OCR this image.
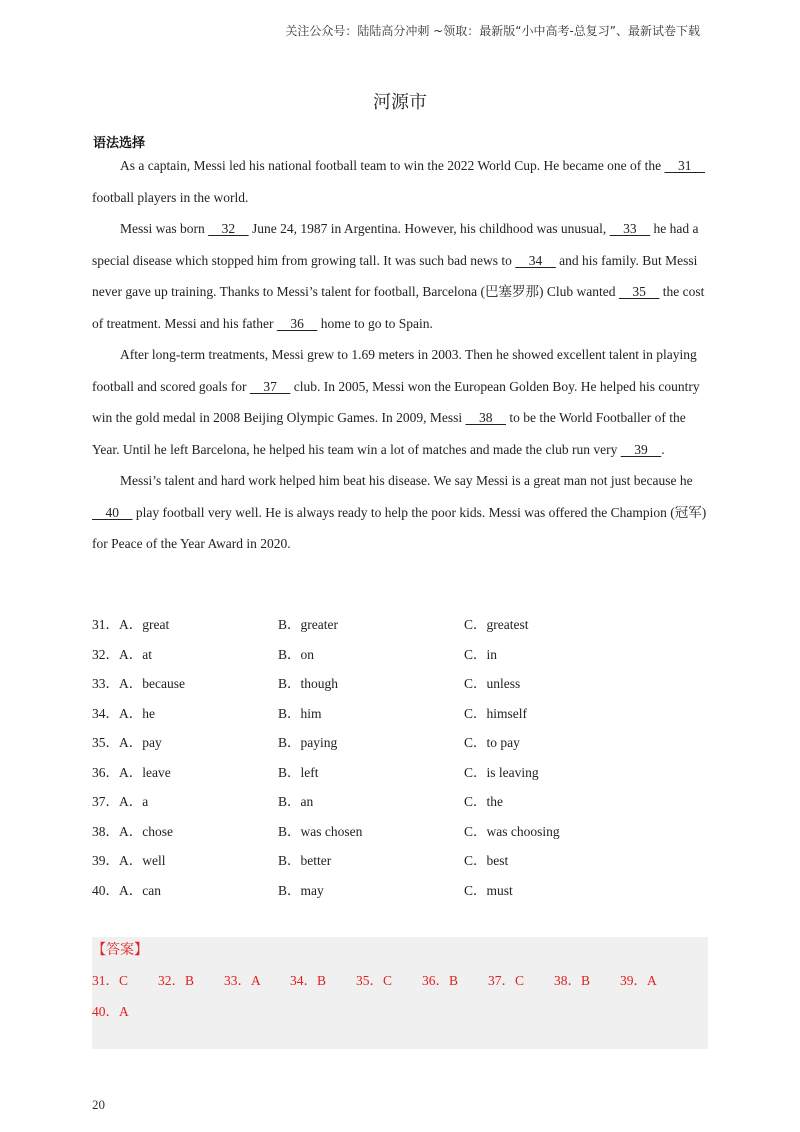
关注公众号：陆陆高分冲刺 ~领取：最新版“小中高考-总复习”、最新试卷下载
河源市
语法选择

As a captain, Messi led his national football team to win the 2022 World Cup. He became one of the     31     football players in the world.

Messi was born     32     June 24, 1987 in Argentina. However, his childhood was unusual,     33     he had a special disease which stopped him from growing tall. It was such bad news to     34     and his family. But Messi never gave up training. Thanks to Messi’s talent for football, Barcelona (巴塞罗那) Club wanted     35     the cost of treatment. Messi and his father     36     home to go to Spain.

After long-term treatments, Messi grew to 1.69 meters in 2003. Then he showed excellent talent in playing football and scored goals for     37     club. In 2005, Messi won the European Golden Boy. He helped his country win the gold medal in 2008 Beijing Olympic Games. In 2009, Messi     38     to be the World Footballer of the Year. Until he left Barcelona, he helped his team win a lot of matches and made the club run very     39    .

Messi’s talent and hard work helped him beat his disease. We say Messi is a great man not just because he     40     play football very well. He is always ready to help the poor kids. Messi was offered the Champion (冠军) for Peace of the Year Award in 2020.

31．A．great	B．greater	C．greatest
32．A．at	B．on	C．in
33．A．because	B．though	C．unless
34．A．he	B．him	C．himself
35．A．pay	B．paying	C．to pay
36．A．leave	B．left	C．is leaving
37．A．a	B．an	C．the
38．A．chose	B．was chosen	C．was choosing
39．A．well	B．better	C．best
40．A．can	B．may	C．must
【答案】
31．C 32．B 33．A 34．B 35．C 36．B 37．C 38．B 39．A
40．A
20
